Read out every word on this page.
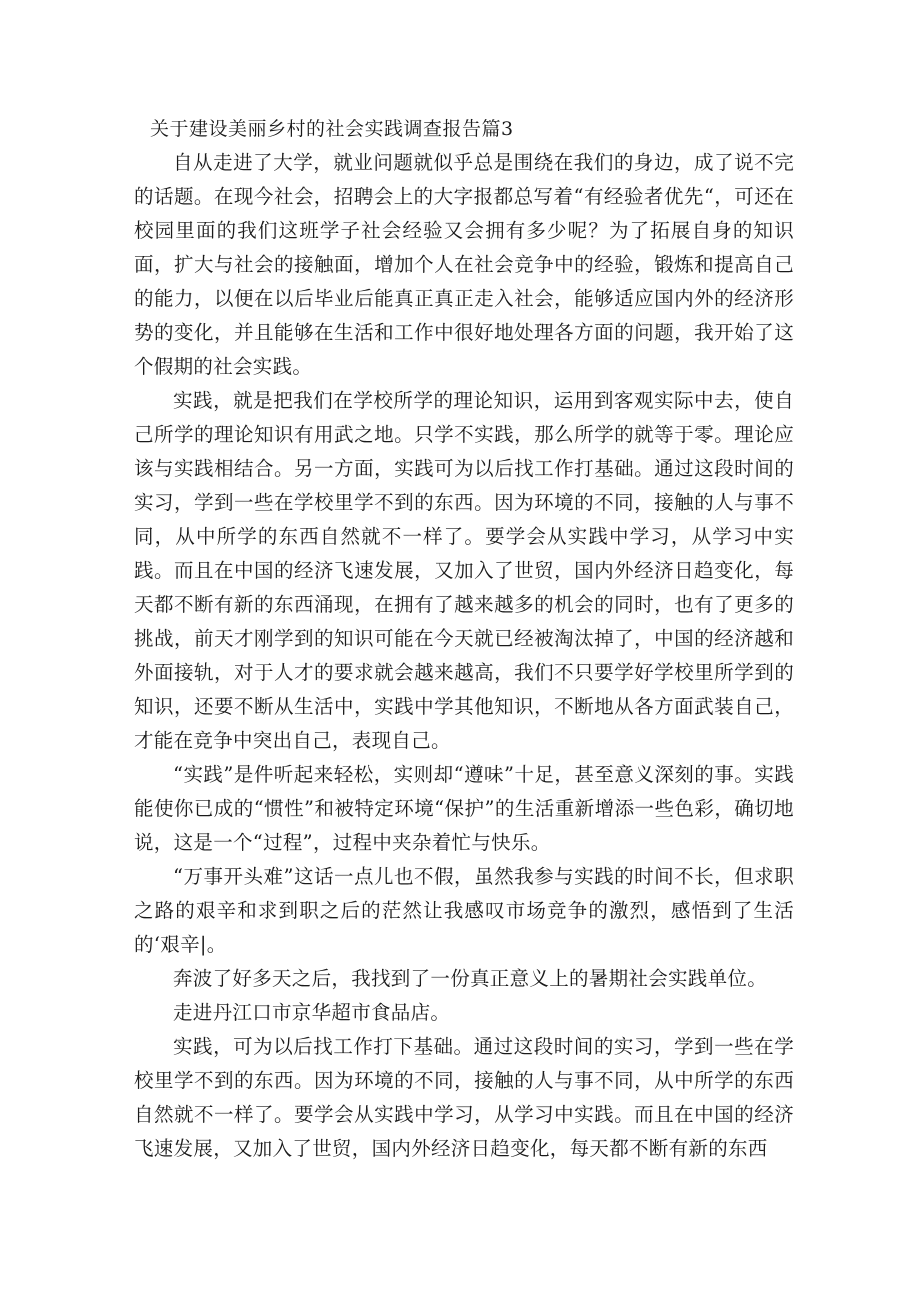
关于建设美丽乡村的社会实践调查报告篇3

自从走进了大学，就业问题就似乎总是围绕在我们的身边，成了说不完的话题。在现今社会，招聘会上的大字报都总写着“有经验者优先“，可还在校园里面的我们这班学子社会经验又会拥有多少呢？为了拓展自身的知识面，扩大与社会的接触面，增加个人在社会竞争中的经验，锻炼和提高自己的能力，以便在以后毕业后能真正真正走入社会，能够适应国内外的经济形势的变化，并且能够在生活和工作中很好地处理各方面的问题，我开始了这个假期的社会实践。

实践，就是把我们在学校所学的理论知识，运用到客观实际中去，使自己所学的理论知识有用武之地。只学不实践，那么所学的就等于零。理论应该与实践相结合。另一方面，实践可为以后找工作打基础。通过这段时间的实习，学到一些在学校里学不到的东西。因为环境的不同，接触的人与事不同，从中所学的东西自然就不一样了。要学会从实践中学习，从学习中实践。而且在中国的经济飞速发展，又加入了世贸，国内外经济日趋变化，每天都不断有新的东西涌现，在拥有了越来越多的机会的同时，也有了更多的挑战，前天才刚学到的知识可能在今天就已经被淘汰掉了，中国的经济越和外面接轨，对于人才的要求就会越来越高，我们不只要学好学校里所学到的知识，还要不断从生活中，实践中学其他知识，不断地从各方面武装自己，才能在竞争中突出自己，表现自己。

“实践”是件听起来轻松，实则却“遵味”十足，甚至意义深刻的事。实践能使你已成的“惯性”和被特定环境“保护”的生活重新增添一些色彩，确切地说，这是一个“过程”，过程中夹杂着忙与快乐。

“万事开头难”这话一点儿也不假，虽然我参与实践的时间不长，但求职之路的艰辛和求到职之后的茫然让我感叹市场竞争的激烈，感悟到了生活的‘艰辛|。

奔波了好多天之后，我找到了一份真正意义上的暑期社会实践单位。

走进丹江口市京华超市食品店。

实践，可为以后找工作打下基础。通过这段时间的实习，学到一些在学校里学不到的东西。因为环境的不同，接触的人与事不同，从中所学的东西自然就不一样了。要学会从实践中学习，从学习中实践。而且在中国的经济飞速发展，又加入了世贸，国内外经济日趋变化，每天都不断有新的东西
